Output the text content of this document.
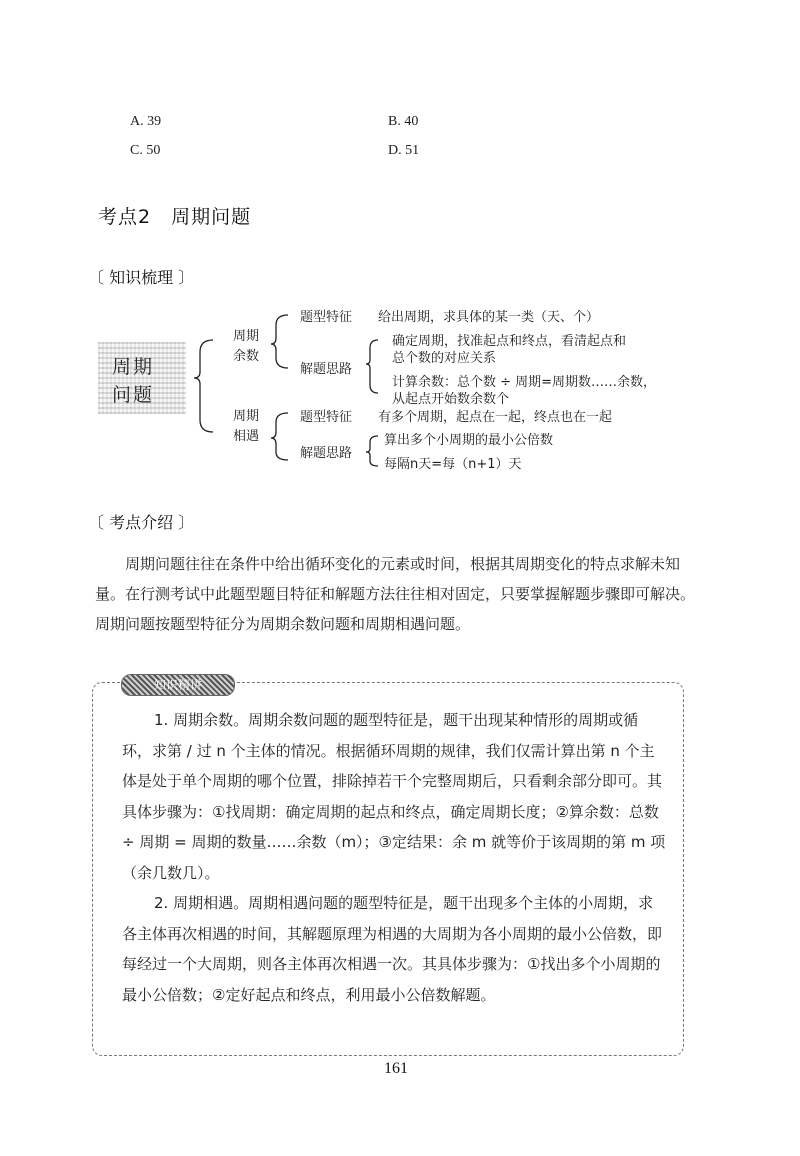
A. 39	B. 40
C. 50	D. 51
考点2　周期问题
〔 知识梳理 〕
周期
问题
周期
余数
周期
相遇
题型特征 给出周期，求具体的某一类（天、个）
解题思路
确定周期，找准起点和终点，看清起点和
总个数的对应关系
计算余数：总个数 ÷ 周期=周期数……余数，
从起点开始数余数个
题型特征 有多个周期，起点在一起，终点也在一起
解题思路
算出多个小周期的最小公倍数
每隔n天=每（n+1）天
〔 考点介绍 〕
周期问题往往在条件中给出循环变化的元素或时间，根据其周期变化的特点求解未知量。在行测考试中此题型题目特征和解题方法往往相对固定，只要掌握解题步骤即可解决。周期问题按题型特征分为周期余数问题和周期相遇问题。
知识精讲

1. 周期余数。周期余数问题的题型特征是，题干出现某种情形的周期或循环，求第 / 过 n 个主体的情况。根据循环周期的规律，我们仅需计算出第 n 个主体是处于单个周期的哪个位置，排除掉若干个完整周期后，只看剩余部分即可。其具体步骤为：①找周期：确定周期的起点和终点，确定周期长度；②算余数：总数 ÷ 周期 = 周期的数量……余数（m）；③定结果：余 m 就等价于该周期的第 m 项（余几数几）。

2. 周期相遇。周期相遇问题的题型特征是，题干出现多个主体的小周期，求各主体再次相遇的时间，其解题原理为相遇的大周期为各小周期的最小公倍数，即每经过一个大周期，则各主体再次相遇一次。其具体步骤为：①找出多个小周期的最小公倍数；②定好起点和终点，利用最小公倍数解题。

161
